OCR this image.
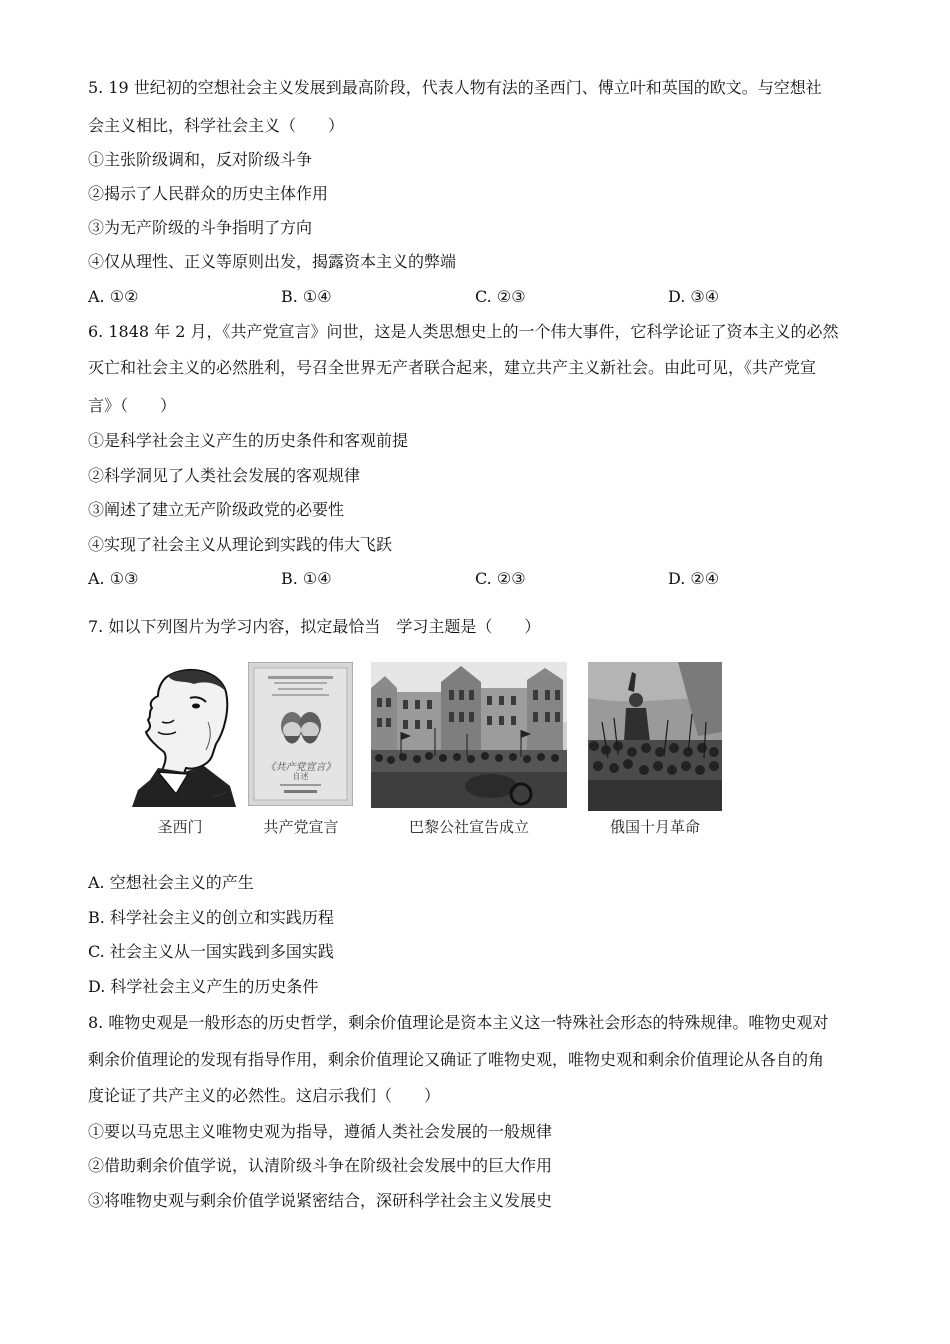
5. 19 世纪初的空想社会主义发展到最高阶段，代表人物有法的圣西门、傅立叶和英国的欧文。与空想社
会主义相比，科学社会主义（　　）
①主张阶级调和，反对阶级斗争
②揭示了人民群众的历史主体作用
③为无产阶级的斗争指明了方向
④仅从理性、正义等原则出发，揭露资本主义的弊端
A. ①②	B. ①④	C. ②③	D. ③④
6. 1848 年 2 月，《共产党宣言》问世，这是人类思想史上的一个伟大事件，它科学论证了资本主义的必然
灭亡和社会主义的必然胜利，号召全世界无产者联合起来，建立共产主义新社会。由此可见，《共产党宣
言》（　　）
①是科学社会主义产生的历史条件和客观前提
②科学洞见了人类社会发展的客观规律
③阐述了建立无产阶级政党的必要性
④实现了社会主义从理论到实践的伟大飞跃
A. ①③	B. ①④	C. ②③	D. ②④
7. 如以下列图片为学习内容，拟定最恰当　学习主题是（　　）
《共产党宣言》
自述
圣西门	共产党宣言	巴黎公社宣告成立	俄国十月革命
A. 空想社会主义的产生
B. 科学社会主义的创立和实践历程
C. 社会主义从一国实践到多国实践
D. 科学社会主义产生的历史条件
8. 唯物史观是一般形态的历史哲学，剩余价值理论是资本主义这一特殊社会形态的特殊规律。唯物史观对
剩余价值理论的发现有指导作用，剩余价值理论又确证了唯物史观，唯物史观和剩余价值理论从各自的角
度论证了共产主义的必然性。这启示我们（　　）
①要以马克思主义唯物史观为指导，遵循人类社会发展的一般规律
②借助剩余价值学说，认清阶级斗争在阶级社会发展中的巨大作用
③将唯物史观与剩余价值学说紧密结合，深研科学社会主义发展史
